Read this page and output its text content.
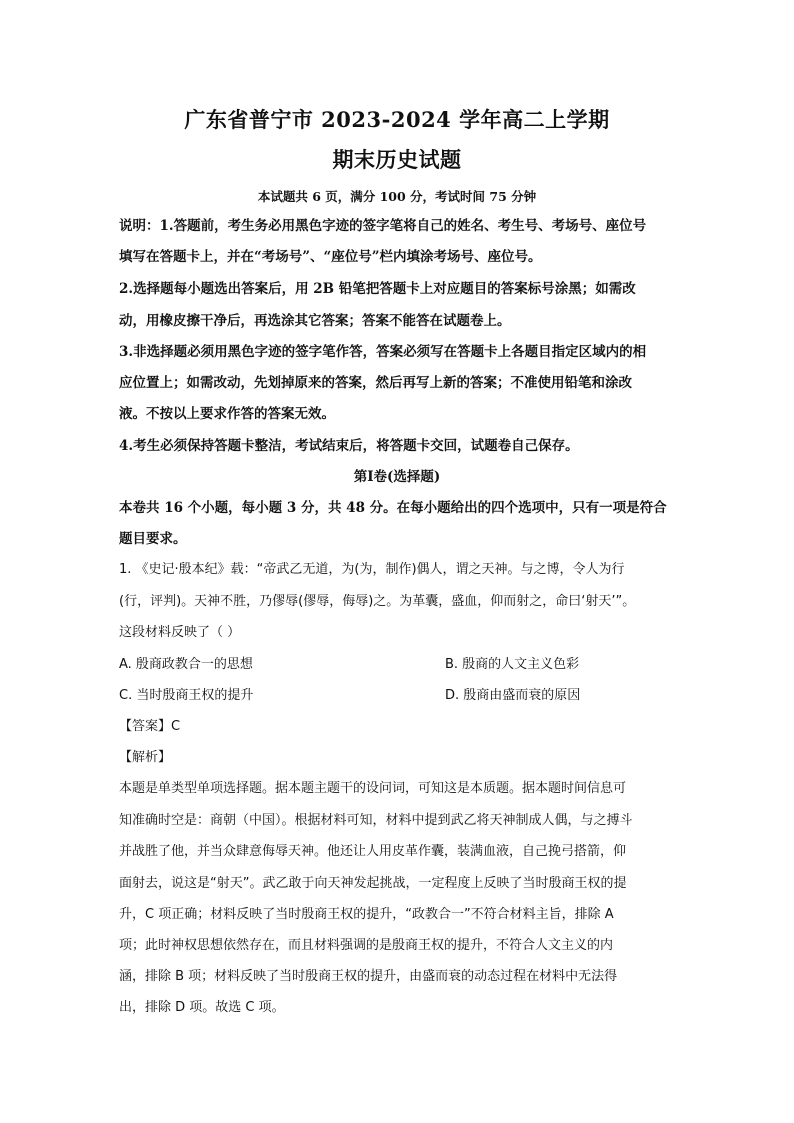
广东省普宁市 2023-2024 学年高二上学期
期末历史试题
本试题共 6 页，满分 100 分，考试时间 75 分钟
说明：1.答题前，考生务必用黑色字迹的签字笔将自己的姓名、考生号、考场号、座位号
填写在答题卡上，并在“考场号”、“座位号”栏内填涂考场号、座位号。
2.选择题每小题选出答案后，用 2B 铅笔把答题卡上对应题目的答案标号涂黑；如需改
动，用橡皮擦干净后，再选涂其它答案；答案不能答在试题卷上。
3.非选择题必须用黑色字迹的签字笔作答，答案必须写在答题卡上各题目指定区域内的相
应位置上；如需改动，先划掉原来的答案，然后再写上新的答案；不准使用铅笔和涂改
液。不按以上要求作答的答案无效。
4.考生必须保持答题卡整洁，考试结束后，将答题卡交回，试题卷自己保存。
第Ⅰ卷(选择题)
本卷共 16 个小题，每小题 3 分，共 48 分。在每小题给出的四个选项中，只有一项是符合
题目要求。
1. 《史记·殷本纪》载：“帝武乙无道，为(为，制作)偶人，谓之天神。与之博，令人为行
(行，评判)。天神不胜，乃僇辱(僇辱，侮辱)之。为革囊，盛血，仰而射之，命曰‘射天’”。
这段材料反映了（ ）
A. 殷商政教合一的思想	B. 殷商的人文主义色彩
C. 当时殷商王权的提升	D. 殷商由盛而衰的原因
【答案】C
【解析】
本题是单类型单项选择题。据本题主题干的设问词，可知这是本质题。据本题时间信息可
知准确时空是：商朝（中国）。根据材料可知，材料中提到武乙将天神制成人偶，与之搏斗
并战胜了他，并当众肆意侮辱天神。他还让人用皮革作囊，装满血液，自己挽弓搭箭，仰
面射去，说这是“射天”。武乙敢于向天神发起挑战，一定程度上反映了当时殷商王权的提
升，C 项正确；材料反映了当时殷商王权的提升，“政教合一”不符合材料主旨，排除 A
项；此时神权思想依然存在，而且材料强调的是殷商王权的提升，不符合人文主义的内
涵，排除 B 项；材料反映了当时殷商王权的提升，由盛而衰的动态过程在材料中无法得
出，排除 D 项。故选 C 项。
